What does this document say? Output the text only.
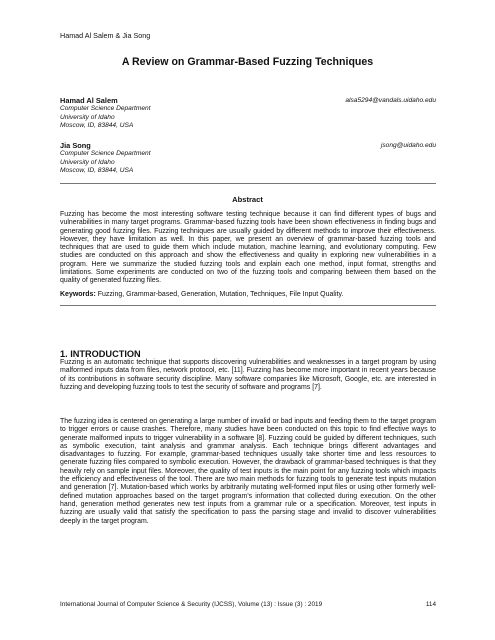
Hamad Al Salem & Jia Song
A Review on Grammar-Based Fuzzing Techniques
Hamad Al Salem	alsa5294@vandals.uidaho.edu
Computer Science Department
University of Idaho
Moscow, ID, 83844, USA
Jia Song	jsong@uidaho.edu
Computer Science Department
University of Idaho
Moscow, ID, 83844, USA
Abstract

Fuzzing has become the most interesting software testing technique because it can find different types of bugs and vulnerabilities in many target programs. Grammar-based fuzzing tools have been shown effectiveness in finding bugs and generating good fuzzing files. Fuzzing techniques are usually guided by different methods to improve their effectiveness. However, they have limitation as well. In this paper, we present an overview of grammar-based fuzzing tools and techniques that are used to guide them which include mutation, machine learning, and evolutionary computing. Few studies are conducted on this approach and show the effectiveness and quality in exploring new vulnerabilities in a program. Here we summarize the studied fuzzing tools and explain each one method, input format, strengths and limitations. Some experiments are conducted on two of the fuzzing tools and comparing between them based on the quality of generated fuzzing files.

Keywords: Fuzzing, Grammar-based, Generation, Mutation, Techniques, File Input Quality.
1. INTRODUCTION

Fuzzing is an automatic technique that supports discovering vulnerabilities and weaknesses in a target program by using malformed inputs data from files, network protocol, etc. [11]. Fuzzing has become more important in recent years because of its contributions in software security discipline. Many software companies like Microsoft, Google, etc. are interested in fuzzing and developing fuzzing tools to test the security of software and programs [7].

The fuzzing idea is centered on generating a large number of invalid or bad inputs and feeding them to the target program to trigger errors or cause crashes. Therefore, many studies have been conducted on this topic to find effective ways to generate malformed inputs to trigger vulnerability in a software [8]. Fuzzing could be guided by different techniques, such as symbolic execution, taint analysis and grammar analysis. Each technique brings different advantages and disadvantages to fuzzing. For example, grammar-based techniques usually take shorter time and less resources to generate fuzzing files compared to symbolic execution. However, the drawback of grammar-based techniques is that they heavily rely on sample input files. Moreover, the quality of test inputs is the main point for any fuzzing tools which impacts the efficiency and effectiveness of the tool. There are two main methods for fuzzing tools to generate test inputs mutation and generation [7]. Mutation-based which works by arbitrarily mutating well-formed input files or using other formerly well-defined mutation approaches based on the target program's information that collected during execution. On the other hand, generation method generates new test inputs from a grammar rule or a specification. Moreover, test inputs in fuzzing are usually valid that satisfy the specification to pass the parsing stage and invalid to discover vulnerabilities deeply in the target program.

International Journal of Computer Science & Security (IJCSS), Volume (13) : Issue (3) : 2019	114
